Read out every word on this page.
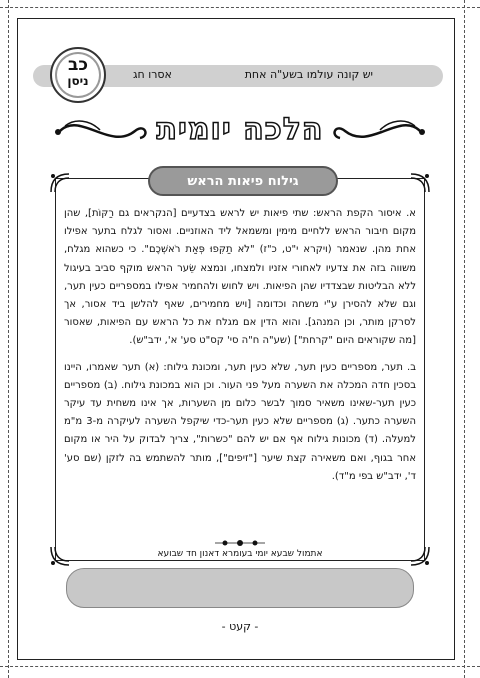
יש קונה עולמו בשע"ה אחת
אסרו חג
כב
ניסן
הלכה יומית
גילוח פיאות הראש

א. איסור הקפת הראש: שתי פיאות יש לראש בצדעיים [הנקראים גם רַקּוֹת], שהן מקום חיבור הראש ללחיים מימין ומשמאל ליד האוזניים. ואסור לגלח בתער אפילו אחת מהן. שנאמר (ויקרא י"ט, כ"ז) "לֹא תַקִּפוּ פְּאַת רֹאשְׁכֶם". כי כשהוא מגלח, משווה בזה את צדעיו לאחורי אזניו ולמצחו, ונמצא שֵׂער הראש מוקף סביב בעיגול ללא הבליטות שבצדדיו שהן הפיאות. ויש לחוש ולהחמיר אפילו במספריים כעין תער, וגם שלא להסירן ע"י משחה וכדומה [ויש מחמירים, שאף להלשן ביד אסור, אך לסרקן מותר, וכן המנהג]. והוא הדין אם מגלח את כל הראש עם הפיאות, שאסור [מה שקוראים היום "קרחת"] (שע"ה ח"ה סי' קס"ט סע' א', ידב"ש).

ב. תער, מספריים כעין תער, שלא כעין תער, ומכונת גילוח: (א) תער שאמרו, היינו בסכין חדה המכלה את השערה מעל פני העור. וכן הוא במכונת גילוח. (ב) מספריים כעין תער-שאינו משאיר סמוך לבשר כלום מן השערות, אך אינו משחית עד עיקר השערה כתער. (ג) מספריים שלא כעין תער-כדי שיקפל השערה לעיקרה מ-3 מ"מ למעלה. (ד) מכונות גילוח אף אם יש להם "כשרות", צריך לבדוק על היר או מקום אחר בגוף, ואם משאירה קצת שיער ["זיפים"], מותר להשתמש בה לזקן (שם סע' ד', ידב"ש בפי מ"ד).

אתמול שבעא יומי בעומרא דאנון חד שבועא
- קעט -
